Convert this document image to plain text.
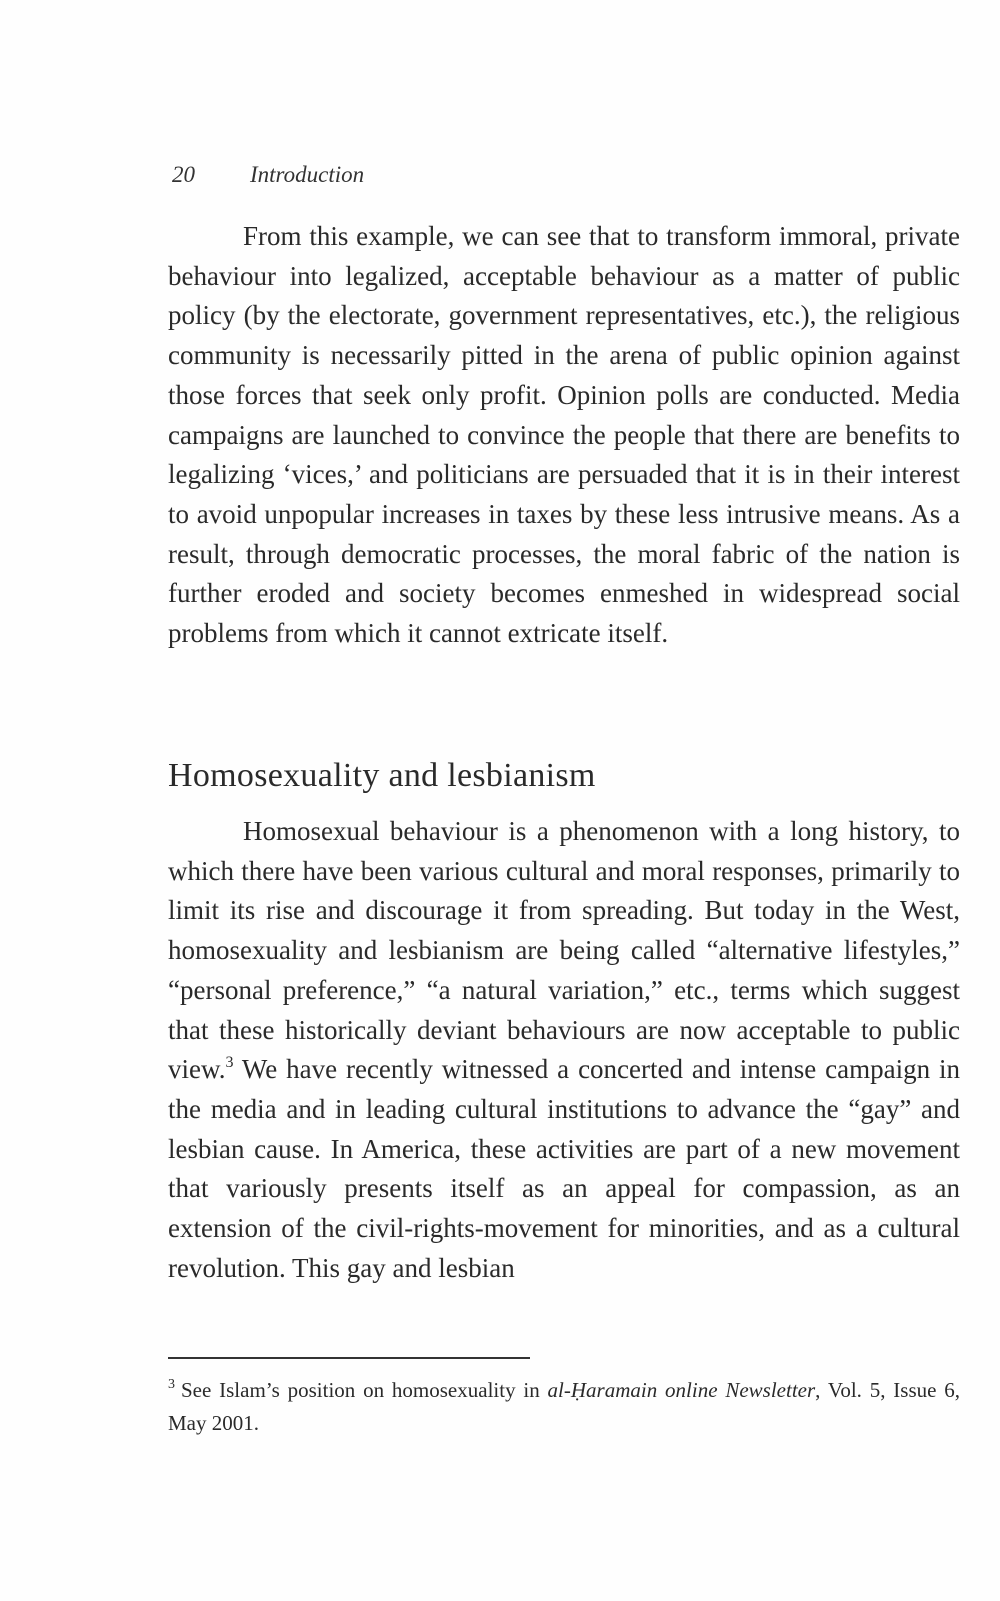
20 Introduction

From this example, we can see that to transform immoral, private behaviour into legalized, acceptable behaviour as a matter of public policy (by the electorate, government representatives, etc.), the religious community is necessarily pitted in the arena of public opinion against those forces that seek only profit. Opinion polls are conducted. Media campaigns are launched to convince the people that there are benefits to legalizing ‘vices,’ and politicians are persuaded that it is in their interest to avoid unpopular increases in taxes by these less intrusive means. As a result, through democratic processes, the moral fabric of the nation is further eroded and society becomes enmeshed in widespread social problems from which it cannot extricate itself.

Homosexuality and lesbianism

Homosexual behaviour is a phenomenon with a long history, to which there have been various cultural and moral responses, primarily to limit its rise and discourage it from spreading. But today in the West, homosexuality and lesbianism are being called “alternative lifestyles,” “personal preference,” “a natural variation,” etc., terms which suggest that these historically deviant behaviours are now acceptable to public view.$^3$ We have recently witnessed a concerted and intense campaign in the media and in leading cultural institutions to advance the “gay” and lesbian cause. In America, these activities are part of a new movement that variously presents itself as an appeal for compassion, as an extension of the civil-rights-movement for minorities, and as a cultural revolution. This gay and lesbian

$^3$ See Islam’s position on homosexuality in al-Ḥaramain online Newsletter, Vol. 5, Issue 6, May 2001.
